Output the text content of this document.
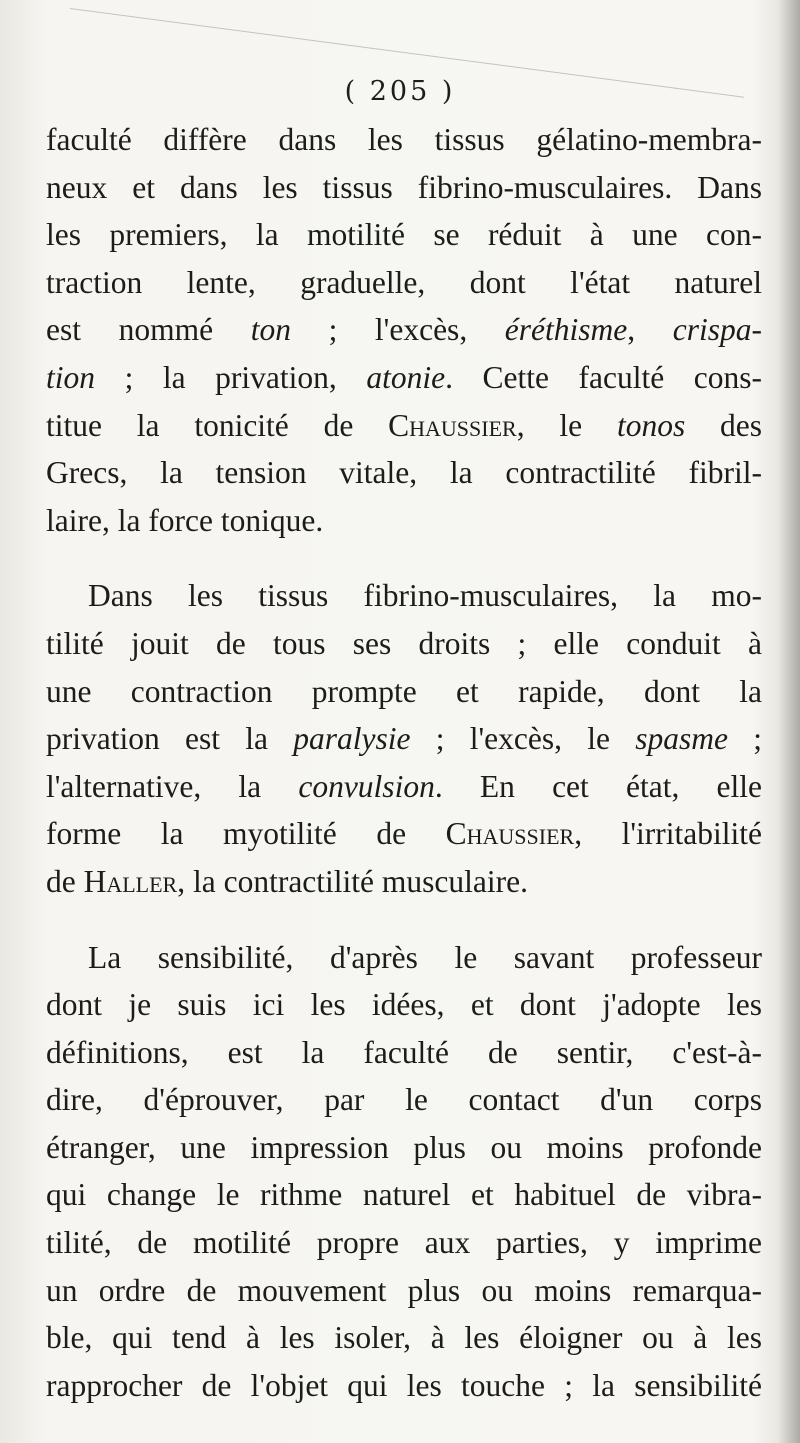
( 205 )
faculté diffère dans les tissus gélatino-membra-
neux et dans les tissus fibrino-musculaires. Dans
les premiers, la motilité se réduit à une con-
traction lente, graduelle, dont l'état naturel
est nommé ton ; l'excès, éréthisme, crispa-
tion ; la privation, atonie. Cette faculté cons-
titue la tonicité de Chaussier, le tonos des
Grecs, la tension vitale, la contractilité fibril-
laire, la force tonique.
Dans les tissus fibrino-musculaires, la mo-
tilité jouit de tous ses droits ; elle conduit à
une contraction prompte et rapide, dont la
privation est la paralysie ; l'excès, le spasme ;
l'alternative, la convulsion. En cet état, elle
forme la myotilité de Chaussier, l'irritabilité
de Haller, la contractilité musculaire.
La sensibilité, d'après le savant professeur
dont je suis ici les idées, et dont j'adopte les
définitions, est la faculté de sentir, c'est-à-
dire, d'éprouver, par le contact d'un corps
étranger, une impression plus ou moins profonde
qui change le rithme naturel et habituel de vibra-
tilité, de motilité propre aux parties, y imprime
un ordre de mouvement plus ou moins remarqua-
ble, qui tend à les isoler, à les éloigner ou à les
rapprocher de l'objet qui les touche ; la sensibilité
